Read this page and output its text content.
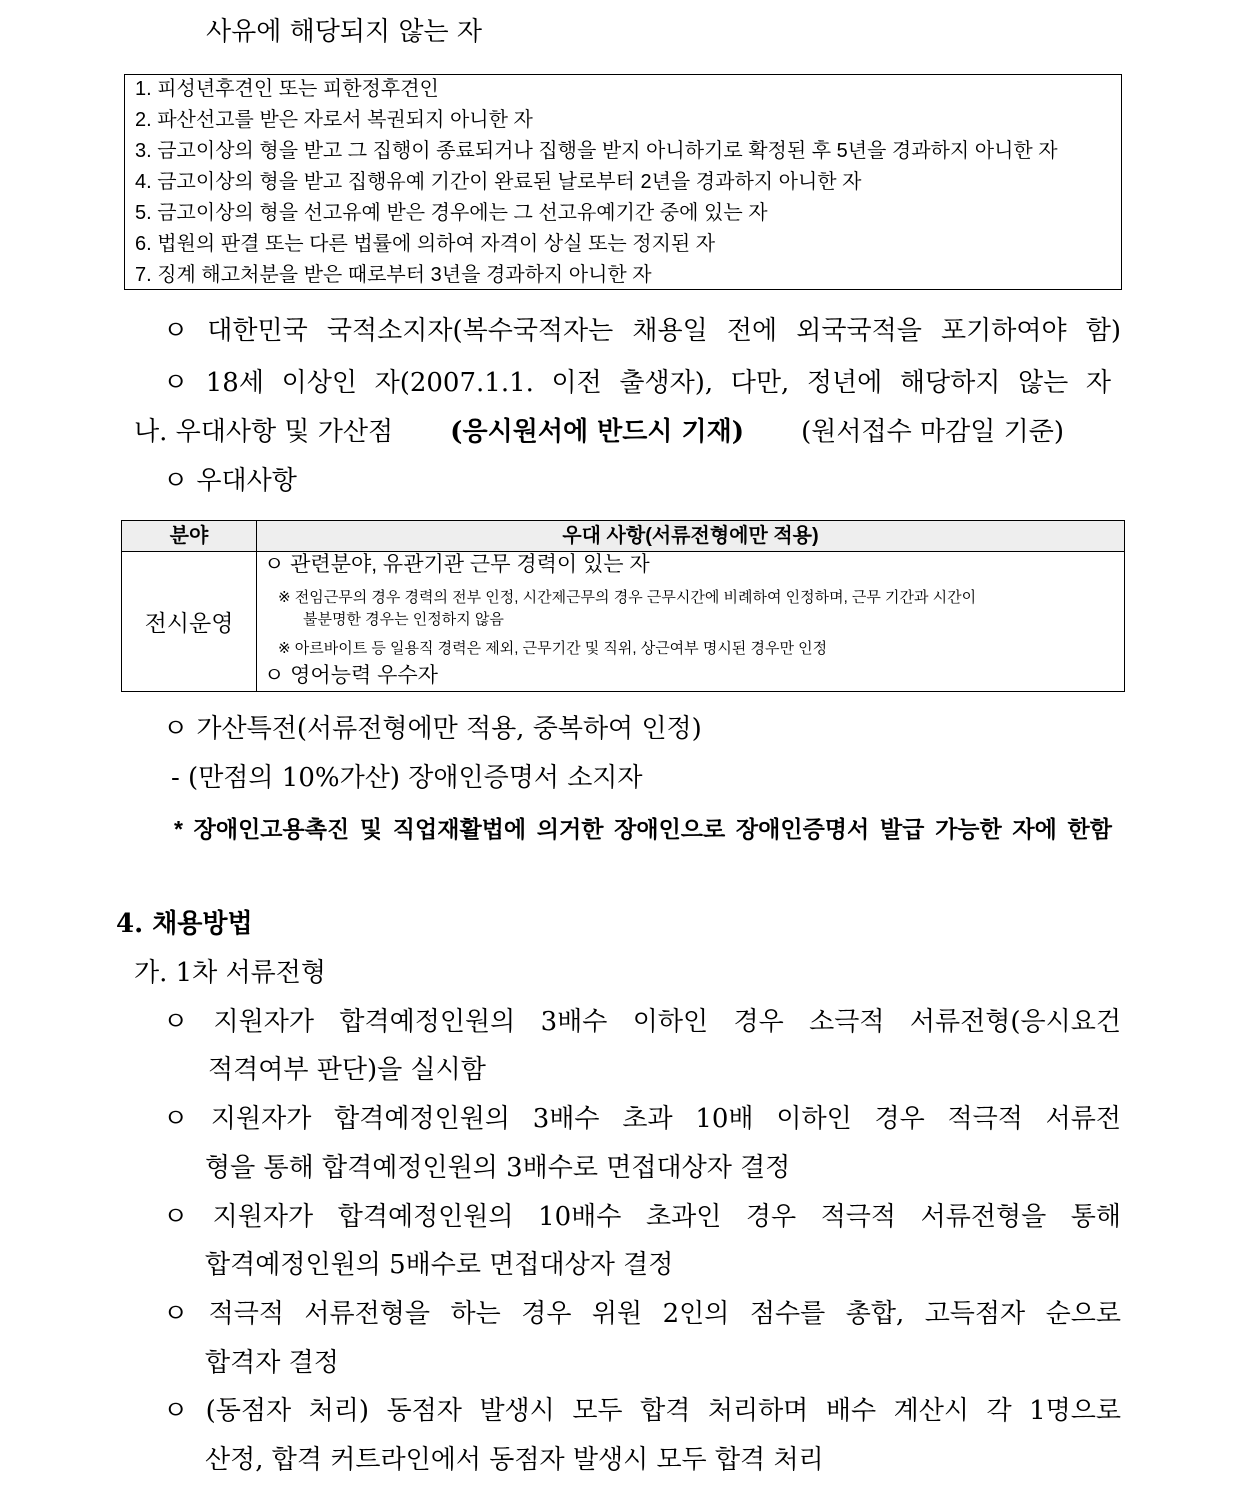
사유에 해당되지 않는 자
1. 피성년후견인 또는 피한정후견인
2. 파산선고를 받은 자로서 복권되지 아니한 자
3. 금고이상의 형을 받고 그 집행이 종료되거나 집행을 받지 아니하기로 확정된 후 5년을 경과하지 아니한 자
4. 금고이상의 형을 받고 집행유예 기간이 완료된 날로부터 2년을 경과하지 아니한 자
5. 금고이상의 형을 선고유예 받은 경우에는 그 선고유예기간 중에 있는 자
6. 법원의 판결 또는 다른 법률에 의하여 자격이 상실 또는 정지된 자
7. 징계 해고처분을 받은 때로부터 3년을 경과하지 아니한 자
ㅇ 대한민국 국적소지자(복수국적자는 채용일 전에 외국국적을 포기하여야 함)
ㅇ 18세 이상인 자(2007.1.1. 이전 출생자), 다만, 정년에 해당하지 않는 자
나. 우대사항 및 가산점 (응시원서에 반드시 기재) (원서접수 마감일 기준)
ㅇ 우대사항
분야	우대 사항(서류전형에만 적용)
전시운영
ㅇ 관련분야, 유관기관 근무 경력이 있는 자
※ 전임근무의 경우 경력의 전부 인정, 시간제근무의 경우 근무시간에 비례하여 인정하며, 근무 기간과 시간이
불분명한 경우는 인정하지 않음
※ 아르바이트 등 일용직 경력은 제외, 근무기간 및 직위, 상근여부 명시된 경우만 인정
ㅇ 영어능력 우수자
ㅇ 가산특전(서류전형에만 적용, 중복하여 인정)
- (만점의 10%가산) 장애인증명서 소지자
* 장애인고용촉진 및 직업재활법에 의거한 장애인으로 장애인증명서 발급 가능한 자에 한함
4. 채용방법
가. 1차 서류전형
ㅇ 지원자가 합격예정인원의 3배수 이하인 경우 소극적 서류전형(응시요건
적격여부 판단)을 실시함
ㅇ 지원자가 합격예정인원의 3배수 초과 10배 이하인 경우 적극적 서류전
형을 통해 합격예정인원의 3배수로 면접대상자 결정
ㅇ 지원자가 합격예정인원의 10배수 초과인 경우 적극적 서류전형을 통해
합격예정인원의 5배수로 면접대상자 결정
ㅇ 적극적 서류전형을 하는 경우 위원 2인의 점수를 총합, 고득점자 순으로
합격자 결정
ㅇ (동점자 처리) 동점자 발생시 모두 합격 처리하며 배수 계산시 각 1명으로
산정, 합격 커트라인에서 동점자 발생시 모두 합격 처리
